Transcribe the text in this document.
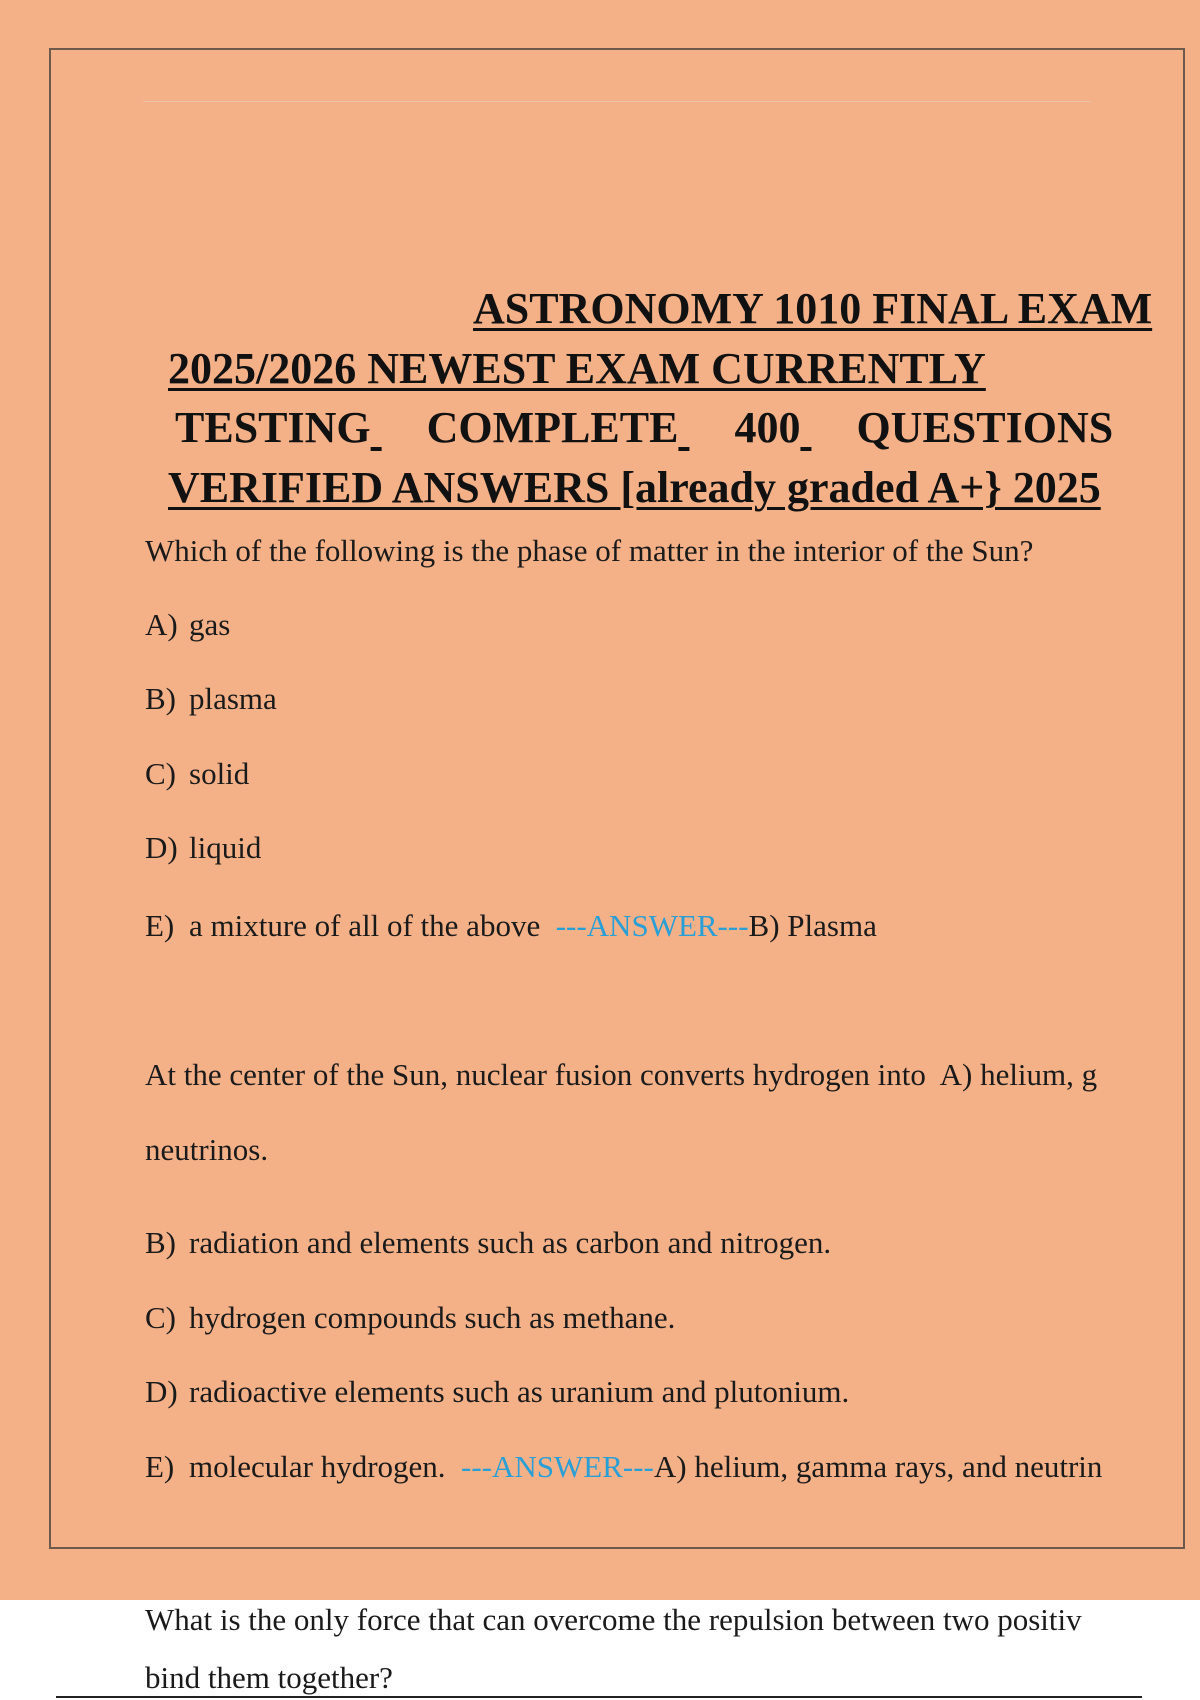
ASTRONOMY 1010 FINAL EXAM
2025/2026 NEWEST EXAM CURRENTLY
TESTING COMPLETE 400 QUESTIONS
VERIFIED ANSWERS [already graded A+} 2025
Which of the following is the phase of matter in the interior of the Sun?
A) gas
B) plasma
C) solid
D) liquid
E) a mixture of all of the above ---ANSWER---B) Plasma
At the center of the Sun, nuclear fusion converts hydrogen into  A) helium, g
neutrinos.
B) radiation and elements such as carbon and nitrogen.
C) hydrogen compounds such as methane.
D) radioactive elements such as uranium and plutonium.
E) molecular hydrogen. ---ANSWER---A) helium, gamma rays, and neutrin
What is the only force that can overcome the repulsion between two positiv
bind them together?
